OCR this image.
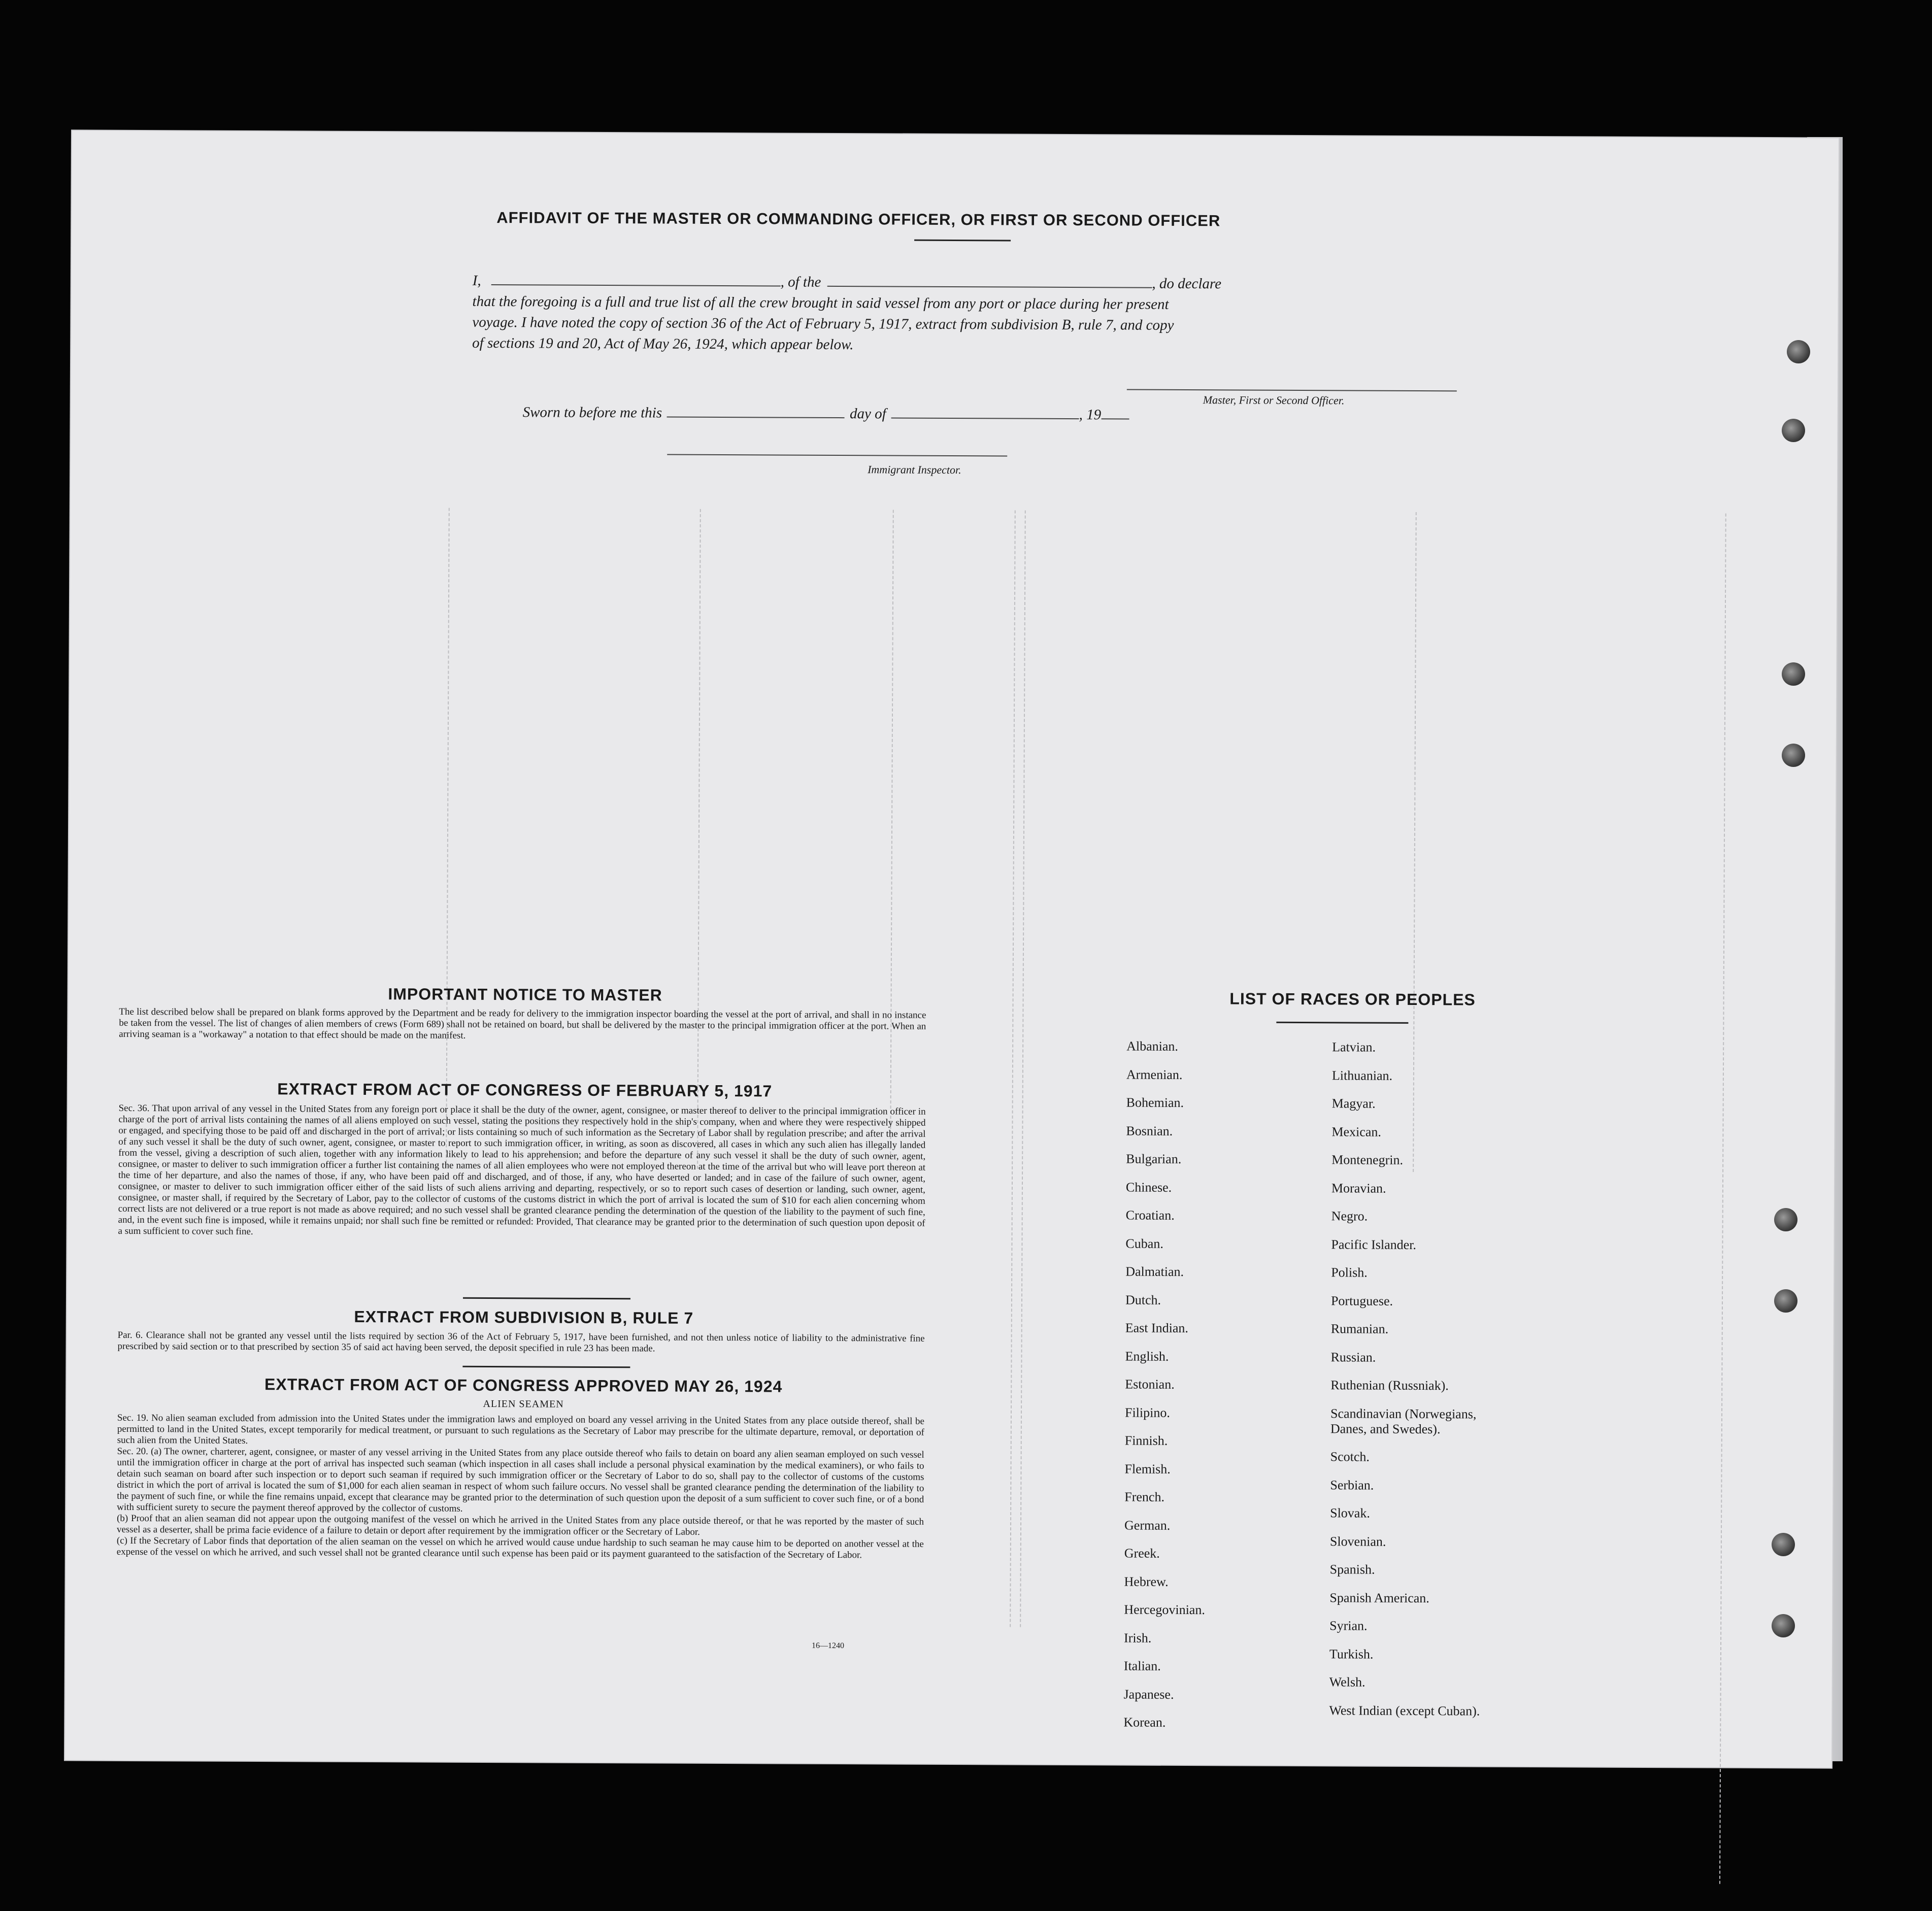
AFFIDAVIT OF THE MASTER OR COMMANDING OFFICER, OR FIRST OR SECOND OFFICER
I,	, of the	, do declare
that the foregoing is a full and true list of all the crew brought in said vessel from any port or place during her present
voyage. I have noted the copy of section 36 of the Act of February 5, 1917, extract from subdivision B, rule 7, and copy
of sections 19 and 20, Act of May 26, 1924, which appear below.
Master, First or Second Officer.
Sworn to before me this	day of	, 19
Immigrant Inspector.
IMPORTANT NOTICE TO MASTER
The list described below shall be prepared on blank forms approved by the Department and be ready for delivery to the immigration inspector boarding the vessel at the port of arrival, and shall in no instance be taken from the vessel. The list of changes of alien members of crews (Form 689) shall not be retained on board, but shall be delivered by the master to the principal immigration officer at the port. When an arriving seaman is a "workaway" a notation to that effect should be made on the manifest.
EXTRACT FROM ACT OF CONGRESS OF FEBRUARY 5, 1917
Sec. 36. That upon arrival of any vessel in the United States from any foreign port or place it shall be the duty of the owner, agent, consignee, or master thereof to deliver to the principal immigration officer in charge of the port of arrival lists containing the names of all aliens employed on such vessel, stating the positions they respectively hold in the ship's company, when and where they were respectively shipped or engaged, and specifying those to be paid off and discharged in the port of arrival; or lists containing so much of such information as the Secretary of Labor shall by regulation prescribe; and after the arrival of any such vessel it shall be the duty of such owner, agent, consignee, or master to report to such immigration officer, in writing, as soon as discovered, all cases in which any such alien has illegally landed from the vessel, giving a description of such alien, together with any information likely to lead to his apprehension; and before the departure of any such vessel it shall be the duty of such owner, agent, consignee, or master to deliver to such immigration officer a further list containing the names of all alien employees who were not employed thereon at the time of the arrival but who will leave port thereon at the time of her departure, and also the names of those, if any, who have been paid off and discharged, and of those, if any, who have deserted or landed; and in case of the failure of such owner, agent, consignee, or master to deliver to such immigration officer either of the said lists of such aliens arriving and departing, respectively, or so to report such cases of desertion or landing, such owner, agent, consignee, or master shall, if required by the Secretary of Labor, pay to the collector of customs of the customs district in which the port of arrival is located the sum of $10 for each alien concerning whom correct lists are not delivered or a true report is not made as above required; and no such vessel shall be granted clearance pending the determination of the question of the liability to the payment of such fine, and, in the event such fine is imposed, while it remains unpaid; nor shall such fine be remitted or refunded: Provided, That clearance may be granted prior to the determination of such question upon deposit of a sum sufficient to cover such fine.
EXTRACT FROM SUBDIVISION B, RULE 7
Par. 6. Clearance shall not be granted any vessel until the lists required by section 36 of the Act of February 5, 1917, have been furnished, and not then unless notice of liability to the administrative fine prescribed by said section or to that prescribed by section 35 of said act having been served, the deposit specified in rule 23 has been made.
EXTRACT FROM ACT OF CONGRESS APPROVED MAY 26, 1924
ALIEN SEAMEN
Sec. 19. No alien seaman excluded from admission into the United States under the immigration laws and employed on board any vessel arriving in the United States from any place outside thereof, shall be permitted to land in the United States, except temporarily for medical treatment, or pursuant to such regulations as the Secretary of Labor may prescribe for the ultimate departure, removal, or deportation of such alien from the United States.
Sec. 20. (a) The owner, charterer, agent, consignee, or master of any vessel arriving in the United States from any place outside thereof who fails to detain on board any alien seaman employed on such vessel until the immigration officer in charge at the port of arrival has inspected such seaman (which inspection in all cases shall include a personal physical examination by the medical examiners), or who fails to detain such seaman on board after such inspection or to deport such seaman if required by such immigration officer or the Secretary of Labor to do so, shall pay to the collector of customs of the customs district in which the port of arrival is located the sum of $1,000 for each alien seaman in respect of whom such failure occurs. No vessel shall be granted clearance pending the determination of the liability to the payment of such fine, or while the fine remains unpaid, except that clearance may be granted prior to the determination of such question upon the deposit of a sum sufficient to cover such fine, or of a bond with sufficient surety to secure the payment thereof approved by the collector of customs.
(b) Proof that an alien seaman did not appear upon the outgoing manifest of the vessel on which he arrived in the United States from any place outside thereof, or that he was reported by the master of such vessel as a deserter, shall be prima facie evidence of a failure to detain or deport after requirement by the immigration officer or the Secretary of Labor.
(c) If the Secretary of Labor finds that deportation of the alien seaman on the vessel on which he arrived would cause undue hardship to such seaman he may cause him to be deported on another vessel at the expense of the vessel on which he arrived, and such vessel shall not be granted clearance until such expense has been paid or its payment guaranteed to the satisfaction of the Secretary of Labor.
16—1240
LIST OF RACES OR PEOPLES
Albanian.
Armenian.
Bohemian.
Bosnian.
Bulgarian.
Chinese.
Croatian.
Cuban.
Dalmatian.
Dutch.
East Indian.
English.
Estonian.
Filipino.
Finnish.
Flemish.
French.
German.
Greek.
Hebrew.
Hercegovinian.
Irish.
Italian.
Japanese.
Korean.
Latvian.
Lithuanian.
Magyar.
Mexican.
Montenegrin.
Moravian.
Negro.
Pacific Islander.
Polish.
Portuguese.
Rumanian.
Russian.
Ruthenian (Russniak).
Scandinavian (Norwegians,
Danes, and Swedes).
Scotch.
Serbian.
Slovak.
Slovenian.
Spanish.
Spanish American.
Syrian.
Turkish.
Welsh.
West Indian (except Cuban).
